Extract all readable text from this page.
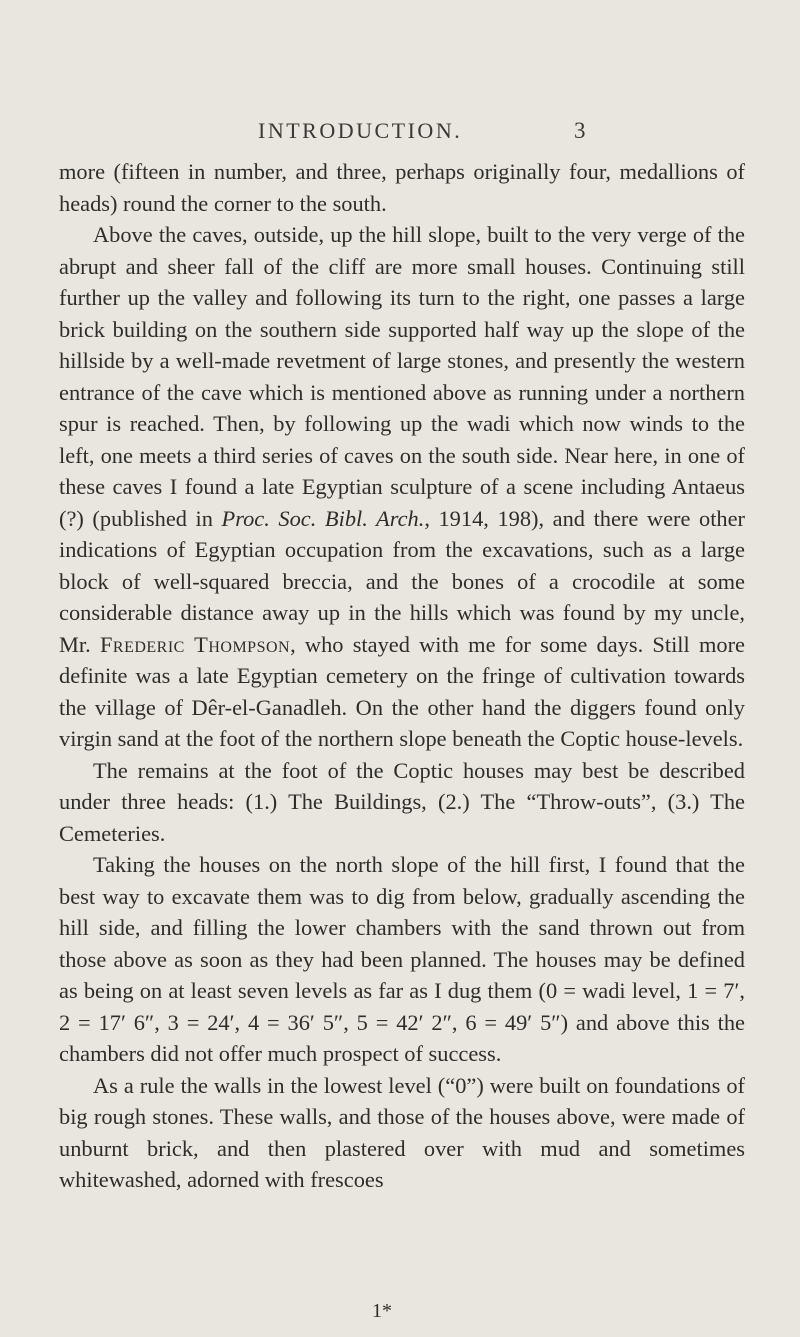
INTRODUCTION.	3

more (fifteen in number, and three, perhaps originally four, medallions of heads) round the corner to the south.

Above the caves, outside, up the hill slope, built to the very verge of the abrupt and sheer fall of the cliff are more small houses. Continuing still further up the valley and following its turn to the right, one passes a large brick building on the southern side supported half way up the slope of the hillside by a well-made revetment of large stones, and presently the western entrance of the cave which is mentioned above as running under a northern spur is reached. Then, by following up the wadi which now winds to the left, one meets a third series of caves on the south side. Near here, in one of these caves I found a late Egyptian sculpture of a scene including Antaeus (?) (published in Proc. Soc. Bibl. Arch., 1914, 198), and there were other indications of Egyptian occupation from the excavations, such as a large block of well-squared breccia, and the bones of a crocodile at some considerable distance away up in the hills which was found by my uncle, Mr. Frederic Thompson, who stayed with me for some days. Still more definite was a late Egyptian cemetery on the fringe of cultivation towards the village of Dêr-el-Ganadleh. On the other hand the diggers found only virgin sand at the foot of the northern slope beneath the Coptic house-levels.

The remains at the foot of the Coptic houses may best be described under three heads: (1.) The Buildings, (2.) The “Throw-outs”, (3.) The Cemeteries.

Taking the houses on the north slope of the hill first, I found that the best way to excavate them was to dig from below, gradually ascending the hill side, and filling the lower chambers with the sand thrown out from those above as soon as they had been planned. The houses may be defined as being on at least seven levels as far as I dug them (0 = wadi level, 1 = 7′, 2 = 17′ 6″, 3 = 24′, 4 = 36′ 5″, 5 = 42′ 2″, 6 = 49′ 5″) and above this the chambers did not offer much prospect of success.

As a rule the walls in the lowest level (“0”) were built on foundations of big rough stones. These walls, and those of the houses above, were made of unburnt brick, and then plastered over with mud and sometimes whitewashed, adorned with frescoes

1*
